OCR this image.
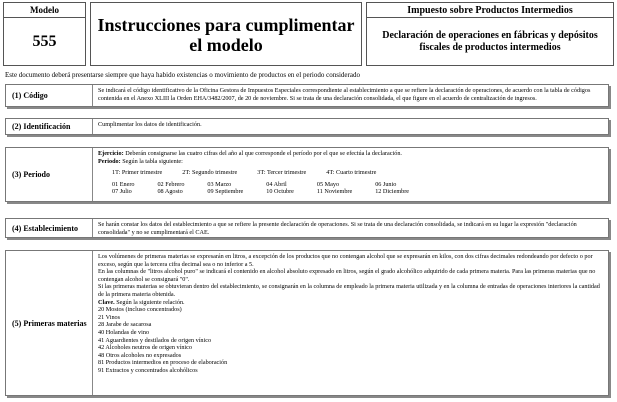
Modelo
555
Instrucciones para cumplimentar el modelo
Impuesto sobre Productos Intermedios
Declaración de operaciones en fábricas y depósitos fiscales de productos intermedios
Este documento deberá presentarse siempre que haya habido existencias o movimiento de productos en el periodo considerado
(1) Código
Se indicará el código identificativo de la Oficina Gestora de Impuestos Especiales correspondiente al establecimiento a que se refiere la declaración de operaciones, de acuerdo con la tabla de códigos contenida en el Anexo XLIII la Orden EHA/3482/2007, de 20 de noviembre. Si se trata de una declaración consolidada, el que figure en el acuerdo de centralización de ingresos.
(2) Identificación	Cumplimentar los datos de identificación.
(3) Periodo
Ejercicio: Deberán consignarse las cuatro cifras del año al que corresponde el período por el que se efectúa la declaración.
Periodo: Según la tabla siguiente:
1T: Primer trimestre	2T: Segundo trimestre	3T: Tercer trimestre	4T: Cuarto trimestre
01 Enero	02 Febrero	03 Marzo	04 Abril	05 Mayo	06 Junio
07 Julio	08 Agosto	09 Septiembre	10 Octubre	11 Noviembre	12 Diciembre
(4) Establecimiento	Se harán constar los datos del establecimiento a que se refiere la presente declaración de operaciones. Si se trata de una declaración consolidada, se indicará en su lugar la expresión "declaración consolidada" y no se cumplimentará el CAE.
(5) Primeras materias
Los volúmenes de primeras materias se expresarán en litros, a excepción de los productos que no contengan alcohol que se expresarán en kilos, con dos cifras decimales redondeando por defecto o por exceso, según que la tercera cifra decimal sea o no inferior a 5.
En las columnas de "litros alcohol puro" se indicará el contenido en alcohol absoluto expresado en litros, según el grado alcohólico adquirido de cada primera materia. Para las primeras materias que no contengan alcohol se consignará "0".
Si las primeras materias se obtuvieran dentro del establecimiento, se consignarán en la columna de empleado la primera materia utilizada y en la columna de entradas de operaciones interiores la cantidad de la primera materia obtenida.
Clave. Según la siguiente relación.
20 Mostos (incluso concentrados)
21 Vinos
28 Jarabe de sacarosa
40 Holandas de vino
41 Aguardientes y destilados de origen vínico
42 Alcoholes neutros de origen vínico
48 Otros alcoholes no expresados
81 Productos intermedios en proceso de elaboración
91 Extractos y concentrados alcohólicos
